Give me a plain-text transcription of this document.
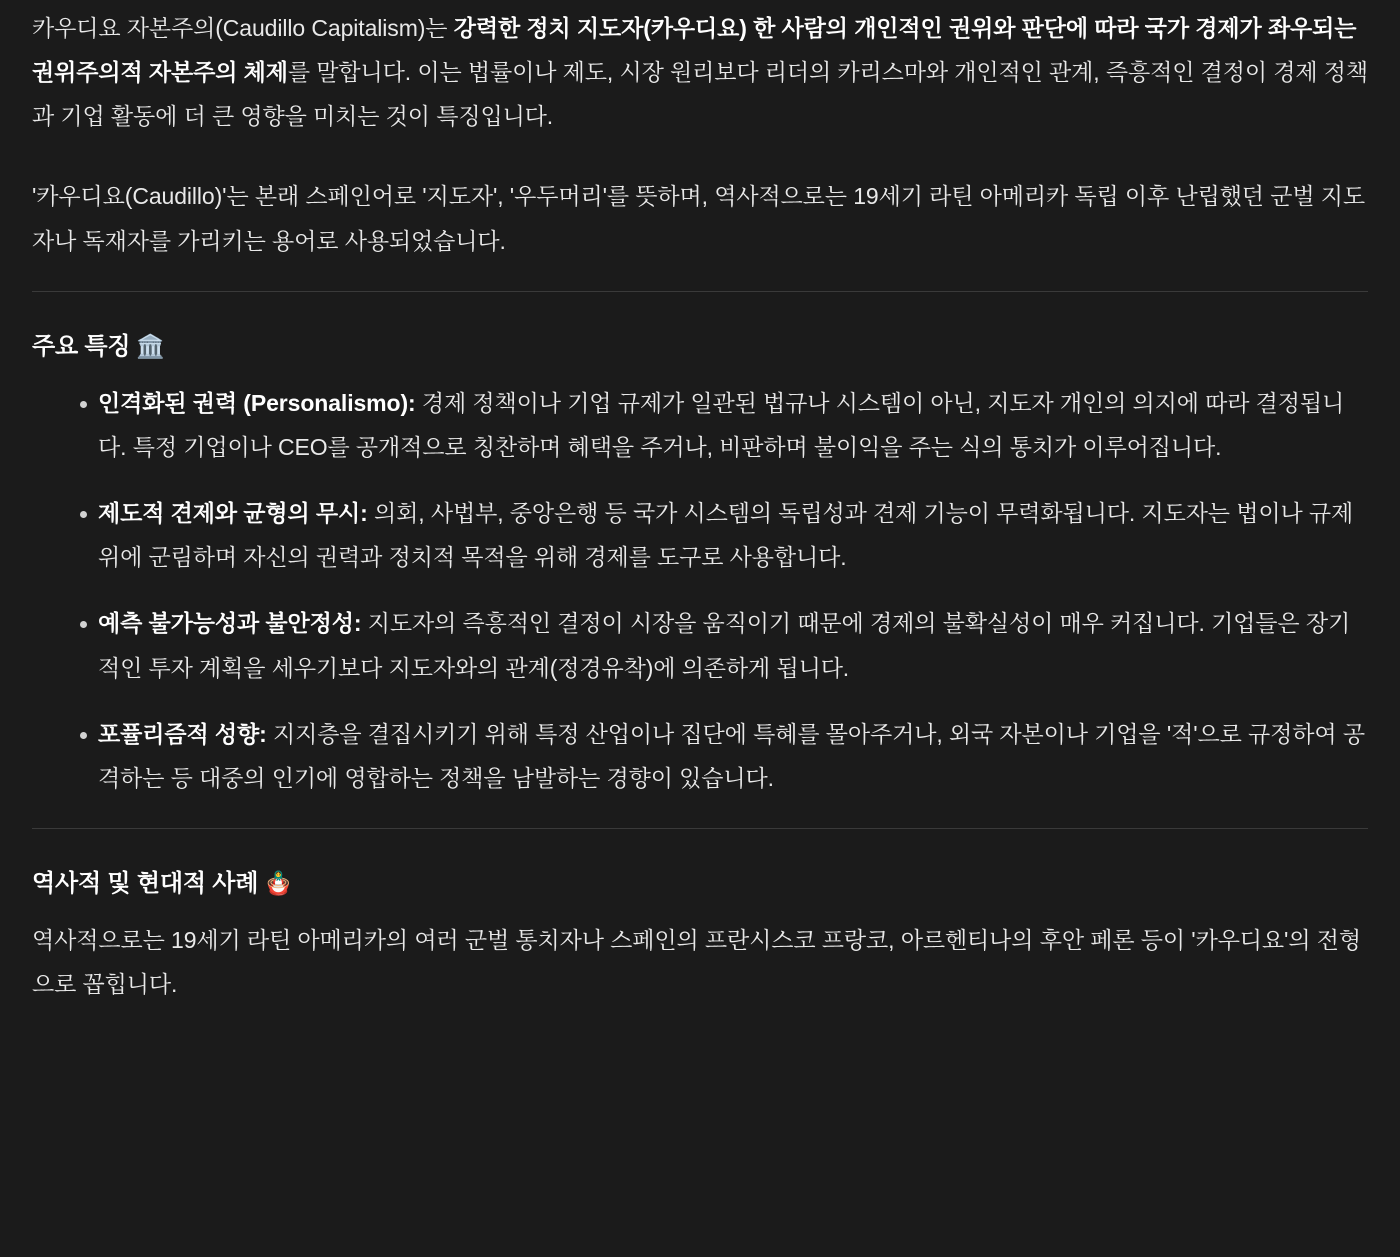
카우디요 자본주의(Caudillo Capitalism)는 강력한 정치 지도자(카우디요) 한 사람의 개인적인 권위와 판단에 따라 국가 경제가 좌우되는 권위주의적 자본주의 체제를 말합니다. 이는 법률이나 제도, 시장 원리보다 리더의 카리스마와 개인적인 관계, 즉흥적인 결정이 경제 정책과 기업 활동에 더 큰 영향을 미치는 것이 특징입니다.

'카우디요(Caudillo)'는 본래 스페인어로 '지도자', '우두머리'를 뜻하며, 역사적으로는 19세기 라틴 아메리카 독립 이후 난립했던 군벌 지도자나 독재자를 가리키는 용어로 사용되었습니다.

주요 특징 🏛️
인격화된 권력 (Personalismo): 경제 정책이나 기업 규제가 일관된 법규나 시스템이 아닌, 지도자 개인의 의지에 따라 결정됩니다. 특정 기업이나 CEO를 공개적으로 칭찬하며 혜택을 주거나, 비판하며 불이익을 주는 식의 통치가 이루어집니다.
제도적 견제와 균형의 무시: 의회, 사법부, 중앙은행 등 국가 시스템의 독립성과 견제 기능이 무력화됩니다. 지도자는 법이나 규제 위에 군림하며 자신의 권력과 정치적 목적을 위해 경제를 도구로 사용합니다.
예측 불가능성과 불안정성: 지도자의 즉흥적인 결정이 시장을 움직이기 때문에 경제의 불확실성이 매우 커집니다. 기업들은 장기적인 투자 계획을 세우기보다 지도자와의 관계(정경유착)에 의존하게 됩니다.
포퓰리즘적 성향: 지지층을 결집시키기 위해 특정 산업이나 집단에 특혜를 몰아주거나, 외국 자본이나 기업을 '적'으로 규정하여 공격하는 등 대중의 인기에 영합하는 정책을 남발하는 경향이 있습니다.
역사적 및 현대적 사례 🪆

역사적으로는 19세기 라틴 아메리카의 여러 군벌 통치자나 스페인의 프란시스코 프랑코, 아르헨티나의 후안 페론 등이 '카우디요'의 전형으로 꼽힙니다.
